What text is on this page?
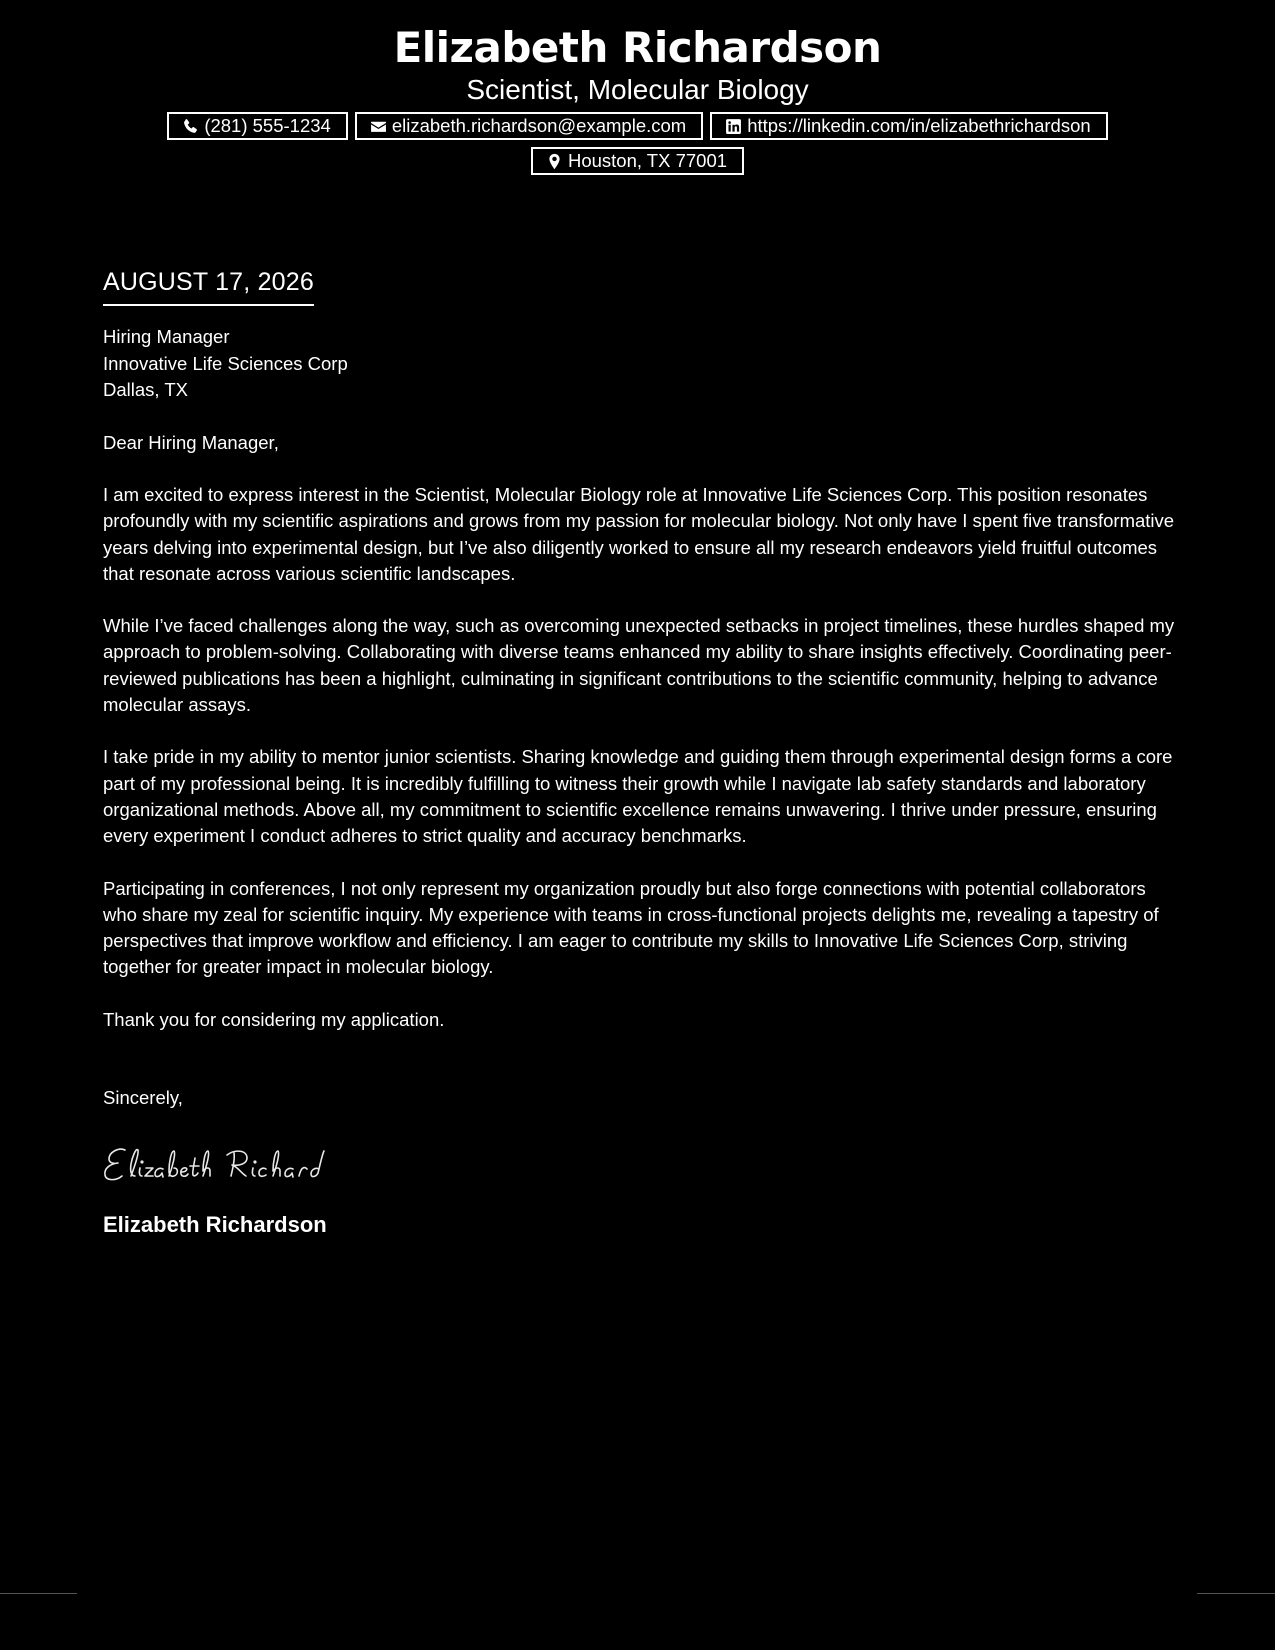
Elizabeth Richardson

Scientist, Molecular Biology

(281) 555-1234	elizabeth.richardson@example.com	https://linkedin.com/in/elizabethrichardson
Houston, TX 77001
AUGUST 17, 2026
Hiring Manager
Innovative Life Sciences Corp
Dallas, TX
Dear Hiring Manager,

I am excited to express interest in the Scientist, Molecular Biology role at Innovative Life Sciences Corp. This position resonates profoundly with my scientific aspirations and grows from my passion for molecular biology. Not only have I spent five transformative years delving into experimental design, but I’ve also diligently worked to ensure all my research endeavors yield fruitful outcomes that resonate across various scientific landscapes.

While I’ve faced challenges along the way, such as overcoming unexpected setbacks in project timelines, these hurdles shaped my approach to problem-solving. Collaborating with diverse teams enhanced my ability to share insights effectively. Coordinating peer-reviewed publications has been a highlight, culminating in significant contributions to the scientific community, helping to advance molecular assays.

I take pride in my ability to mentor junior scientists. Sharing knowledge and guiding them through experimental design forms a core part of my professional being. It is incredibly fulfilling to witness their growth while I navigate lab safety standards and laboratory organizational methods. Above all, my commitment to scientific excellence remains unwavering. I thrive under pressure, ensuring every experiment I conduct adheres to strict quality and accuracy benchmarks.

Participating in conferences, I not only represent my organization proudly but also forge connections with potential collaborators who share my zeal for scientific inquiry. My experience with teams in cross-functional projects delights me, revealing a tapestry of perspectives that improve workflow and efficiency. I am eager to contribute my skills to Innovative Life Sciences Corp, striving together for greater impact in molecular biology.

Thank you for considering my application.
Sincerely,
Elizabeth Richardson
